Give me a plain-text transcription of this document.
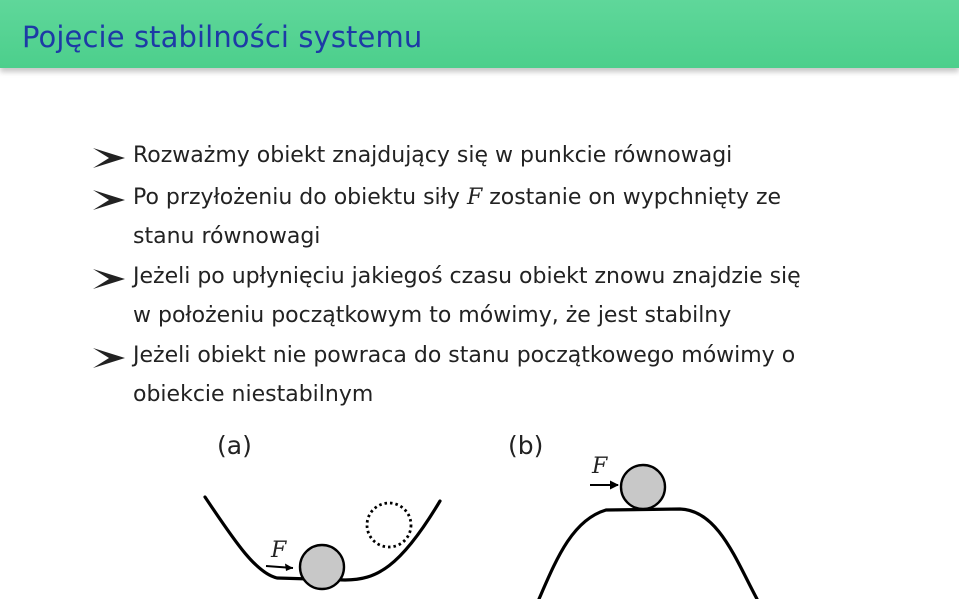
Pojęcie stabilności systemu
Rozważmy obiekt znajdujący się w punkcie równowagi
Po przyłożeniu do obiektu siły F zostanie on wypchnięty ze
stanu równowagi
Jeżeli po upłynięciu jakiegoś czasu obiekt znowu znajdzie się
w położeniu początkowym to mówimy, że jest stabilny
Jeżeli obiekt nie powraca do stanu początkowego mówimy o
obiekcie niestabilnym
(a)	(b)
F
F
